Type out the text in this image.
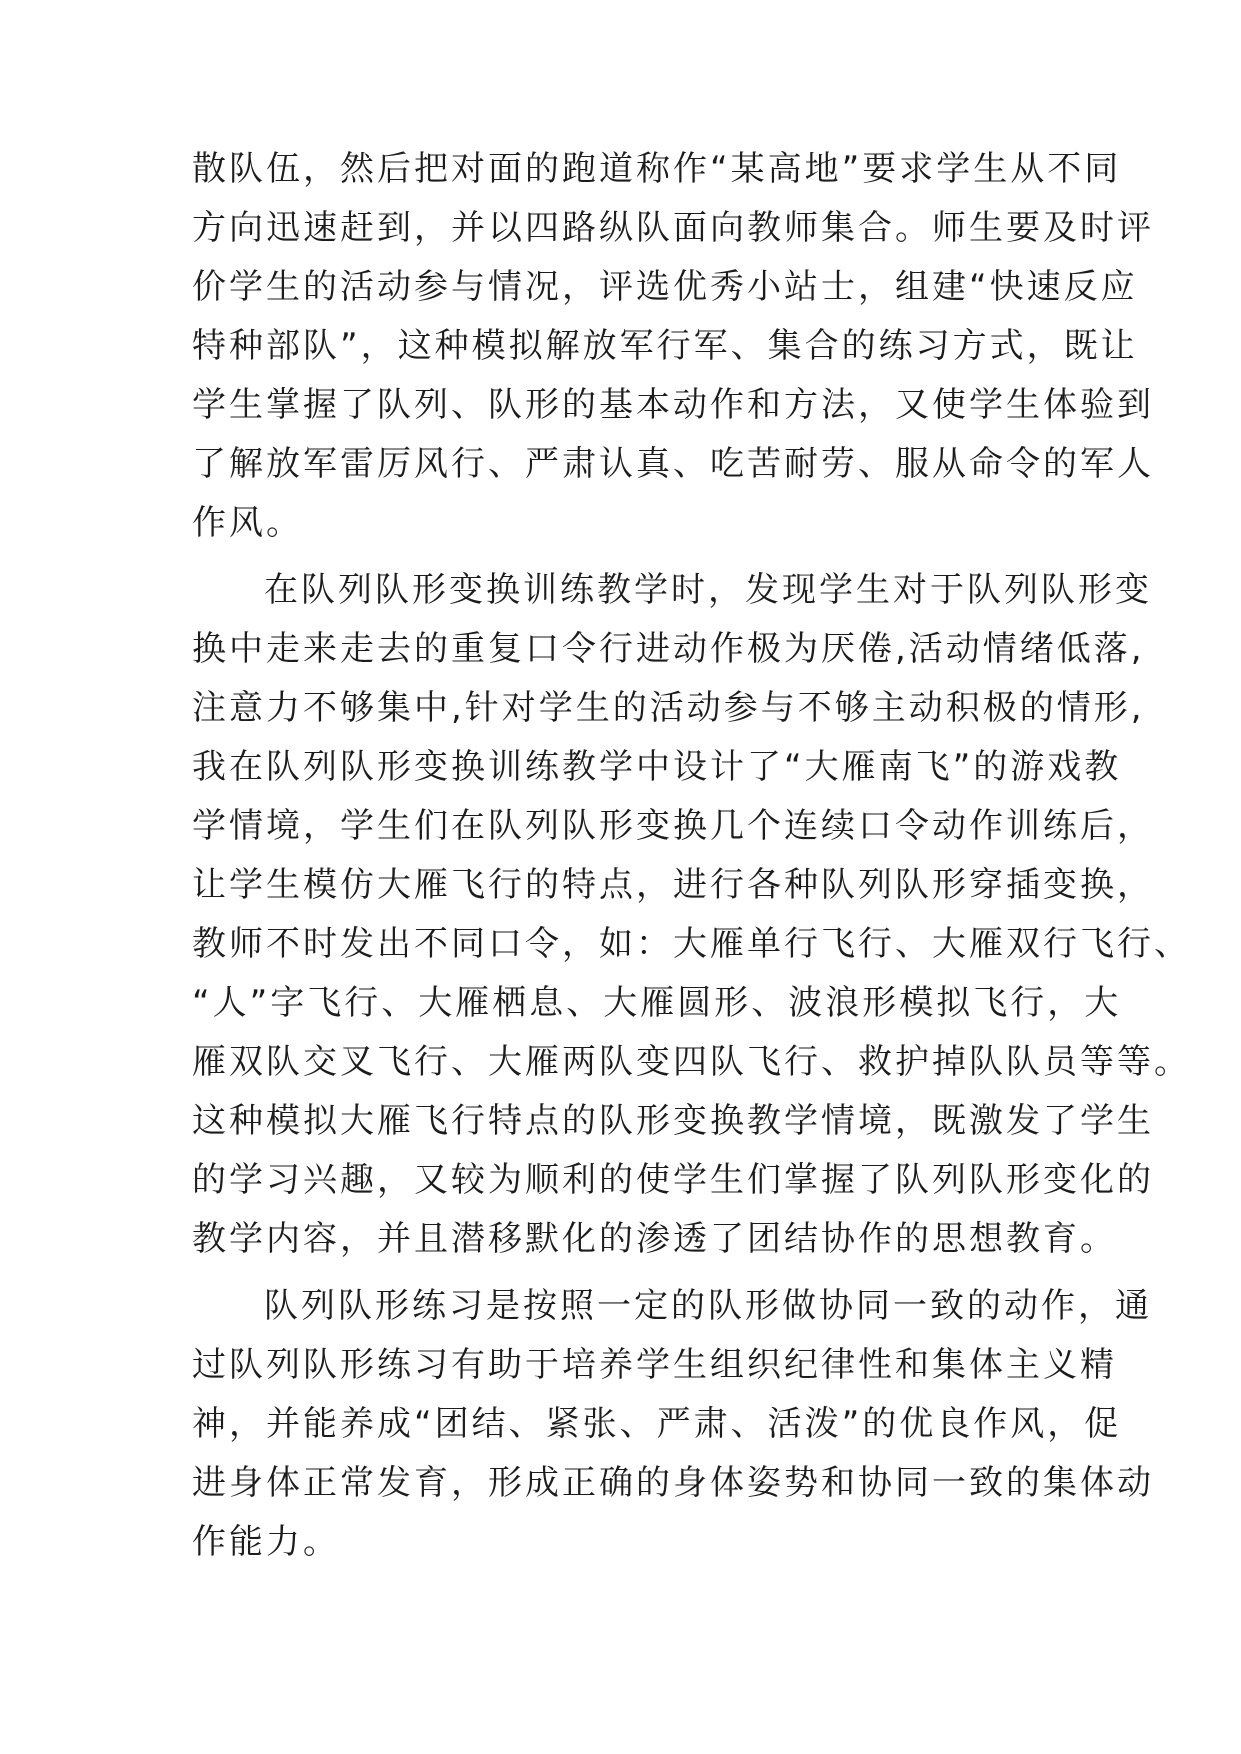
散队伍，然后把对面的跑道称作“某高地”要求学生从不同
方向迅速赶到，并以四路纵队面向教师集合。师生要及时评
价学生的活动参与情况，评选优秀小站士，组建“快速反应
特种部队”，这种模拟解放军行军、集合的练习方式，既让
学生掌握了队列、队形的基本动作和方法，又使学生体验到
了解放军雷厉风行、严肃认真、吃苦耐劳、服从命令的军人
作风。
在队列队形变换训练教学时，发现学生对于队列队形变
换中走来走去的重复口令行进动作极为厌倦,活动情绪低落,
注意力不够集中,针对学生的活动参与不够主动积极的情形,
我在队列队形变换训练教学中设计了“大雁南飞”的游戏教
学情境，学生们在队列队形变换几个连续口令动作训练后，
让学生模仿大雁飞行的特点，进行各种队列队形穿插变换，
教师不时发出不同口令，如：大雁单行飞行、大雁双行飞行、
“人”字飞行、大雁栖息、大雁圆形、波浪形模拟飞行，大
雁双队交叉飞行、大雁两队变四队飞行、救护掉队队员等等。
这种模拟大雁飞行特点的队形变换教学情境，既激发了学生
的学习兴趣，又较为顺利的使学生们掌握了队列队形变化的
教学内容，并且潜移默化的渗透了团结协作的思想教育。
队列队形练习是按照一定的队形做协同一致的动作，通
过队列队形练习有助于培养学生组织纪律性和集体主义精
神，并能养成“团结、紧张、严肃、活泼”的优良作风，促
进身体正常发育，形成正确的身体姿势和协同一致的集体动
作能力。
